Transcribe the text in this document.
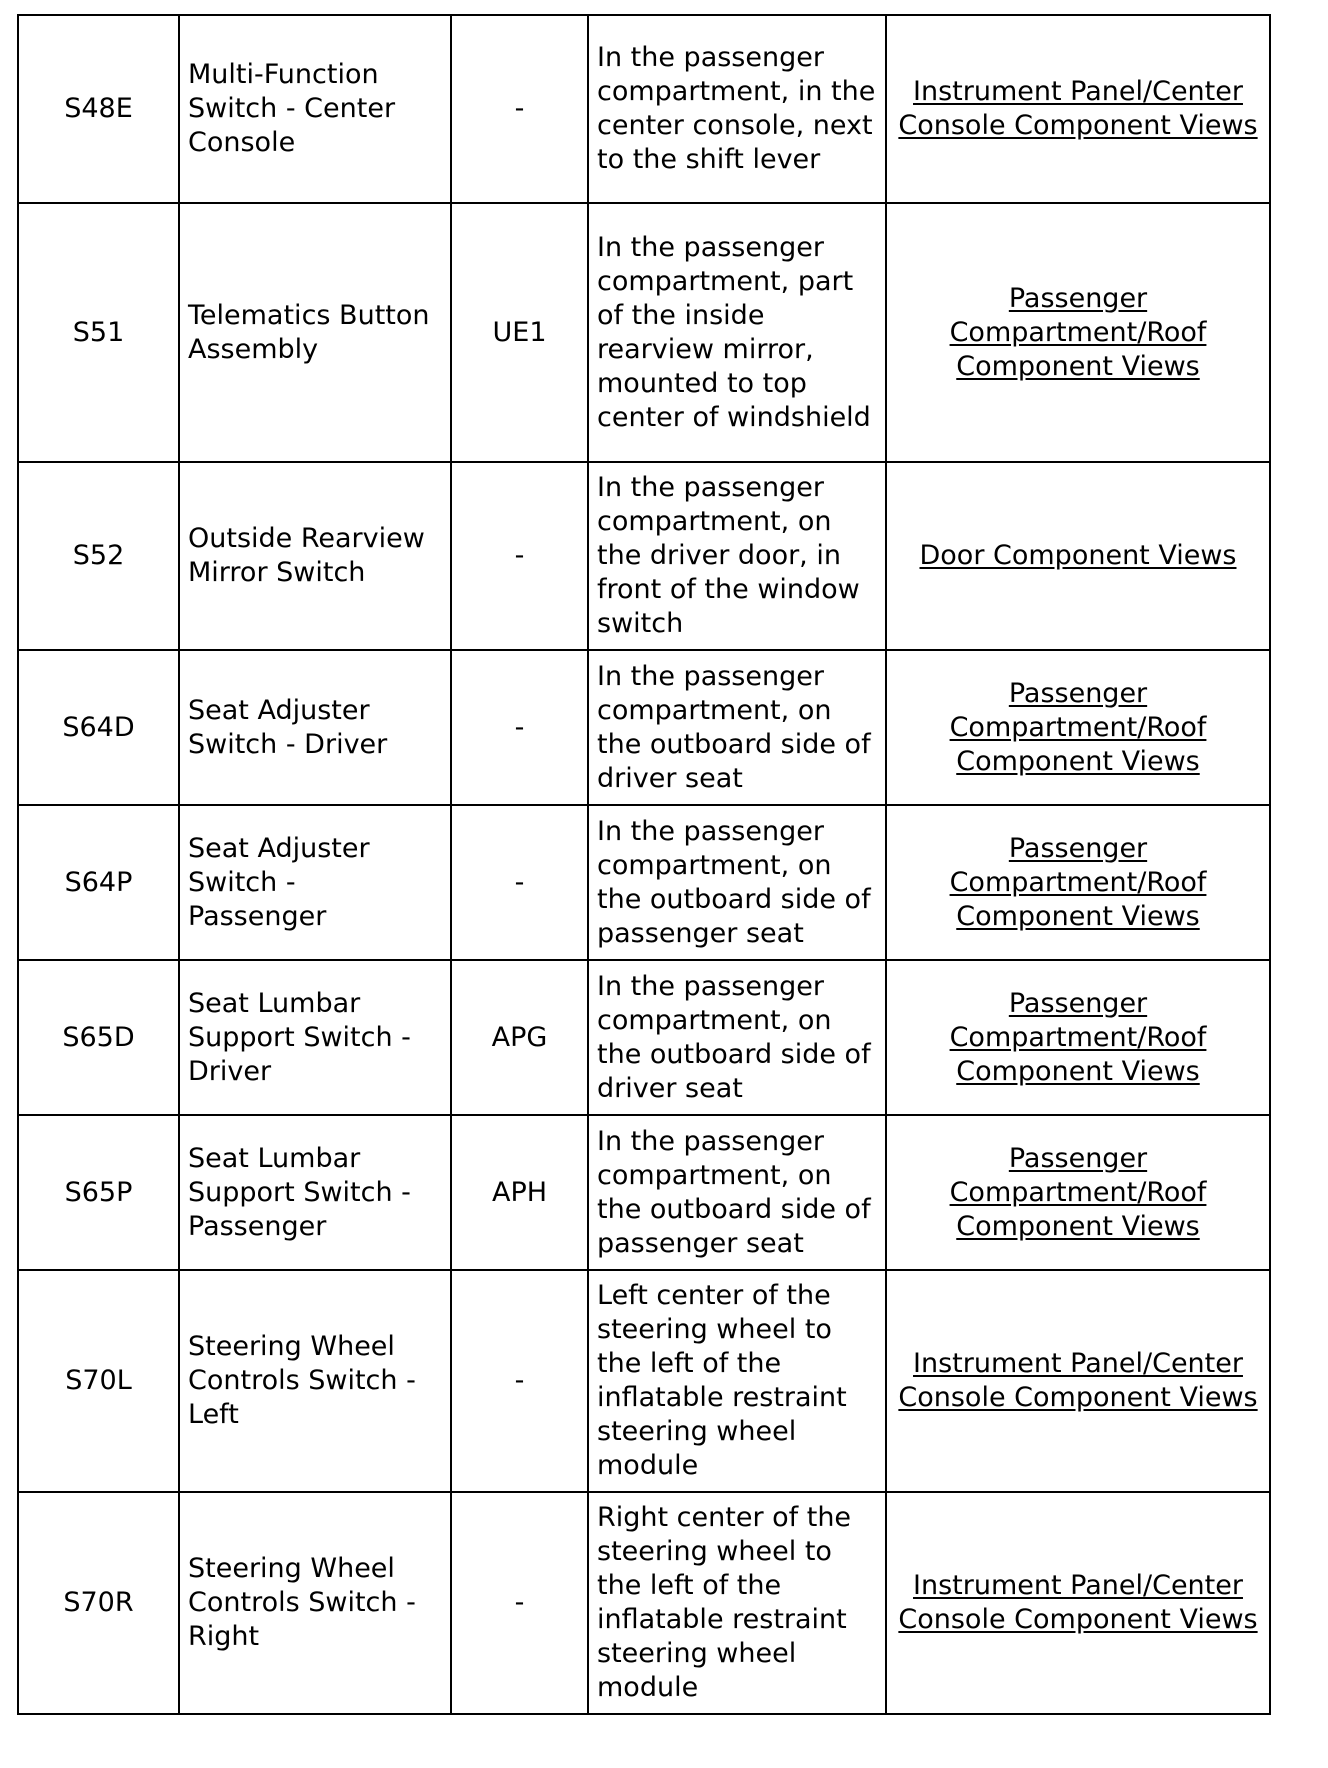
S48E	Multi-Function Switch - Center Console	-	In the passenger compartment, in the center console, next to the shift lever	Instrument Panel/Center Console Component Views
S51	Telematics Button Assembly	UE1	In the passenger compartment, part of the inside rearview mirror, mounted to top center of windshield	Passenger Compartment/Roof Component Views
S52	Outside Rearview Mirror Switch	-	In the passenger compartment, on the driver door, in front of the window switch	Door Component Views
S64D	Seat Adjuster Switch - Driver	-	In the passenger compartment, on the outboard side of driver seat	Passenger Compartment/Roof Component Views
S64P	Seat Adjuster Switch - Passenger	-	In the passenger compartment, on the outboard side of passenger seat	Passenger Compartment/Roof Component Views
S65D	Seat Lumbar Support Switch - Driver	APG	In the passenger compartment, on the outboard side of driver seat	Passenger Compartment/Roof Component Views
S65P	Seat Lumbar Support Switch - Passenger	APH	In the passenger compartment, on the outboard side of passenger seat	Passenger Compartment/Roof Component Views
S70L	Steering Wheel Controls Switch - Left	-	Left center of the steering wheel to the left of the inflatable restraint steering wheel module	Instrument Panel/Center Console Component Views
S70R	Steering Wheel Controls Switch - Right	-	Right center of the steering wheel to the left of the inflatable restraint steering wheel module	Instrument Panel/Center Console Component Views
